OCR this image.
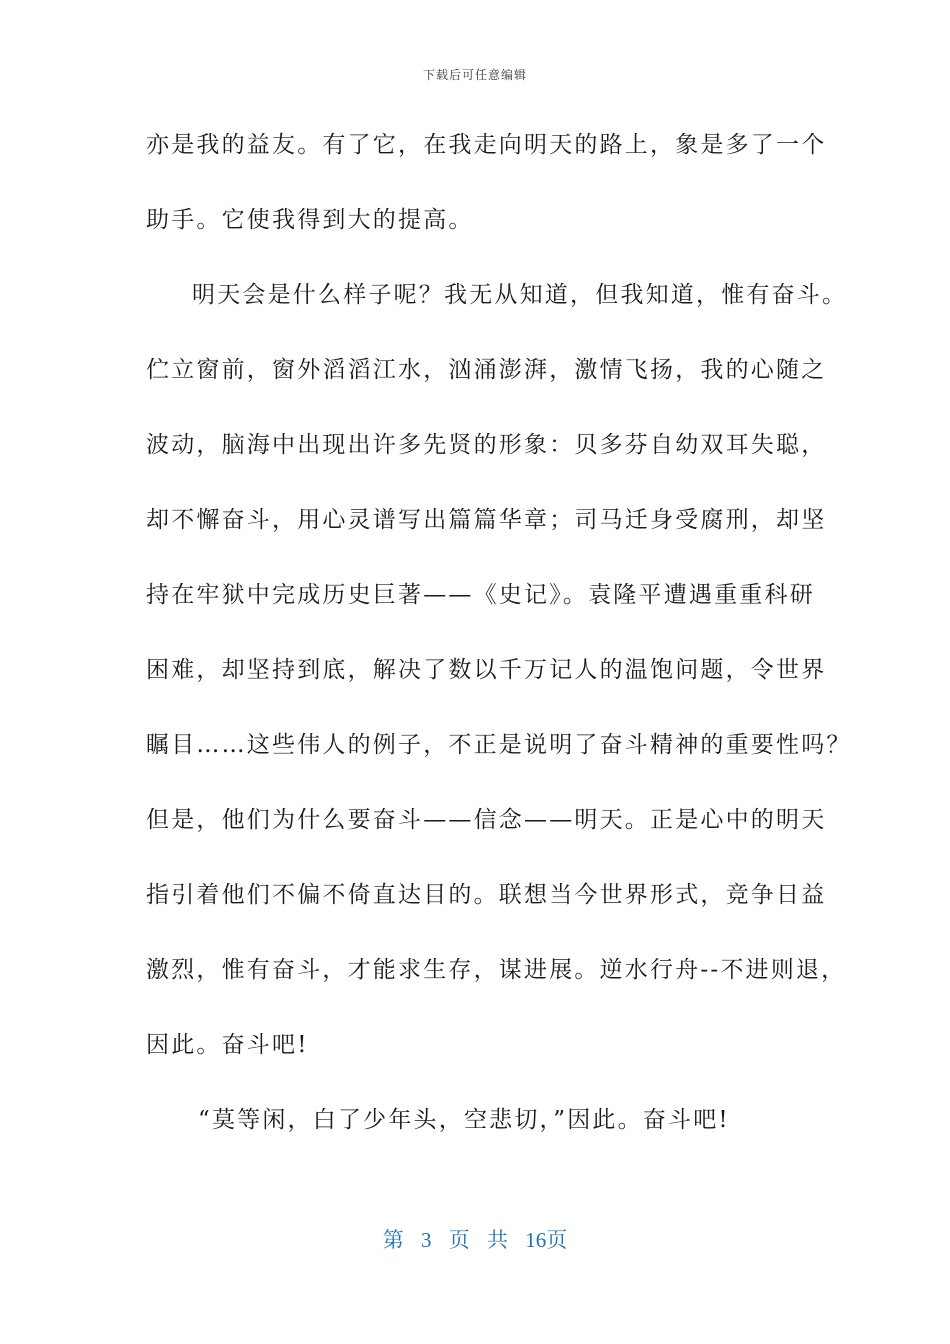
下载后可任意编辑
亦是我的益友。有了它，在我走向明天的路上，象是多了一个
助手。它使我得到大的提高。
明天会是什么样子呢？我无从知道，但我知道，惟有奋斗。
伫立窗前，窗外滔滔江水，汹涌澎湃，激情飞扬，我的心随之
波动，脑海中出现出许多先贤的形象：贝多芬自幼双耳失聪，
却不懈奋斗，用心灵谱写出篇篇华章；司马迁身受腐刑，却坚
持在牢狱中完成历史巨著——《史记》。袁隆平遭遇重重科研
困难，却坚持到底，解决了数以千万记人的温饱问题，令世界
瞩目……这些伟人的例子，不正是说明了奋斗精神的重要性吗？
但是，他们为什么要奋斗——信念——明天。正是心中的明天
指引着他们不偏不倚直达目的。联想当今世界形式，竞争日益
激烈，惟有奋斗，才能求生存，谋进展。逆水行舟--不进则退，
因此。奋斗吧!
“莫等闲，白了少年头，空悲切，”因此。奋斗吧!
第 3 页 共 16页
